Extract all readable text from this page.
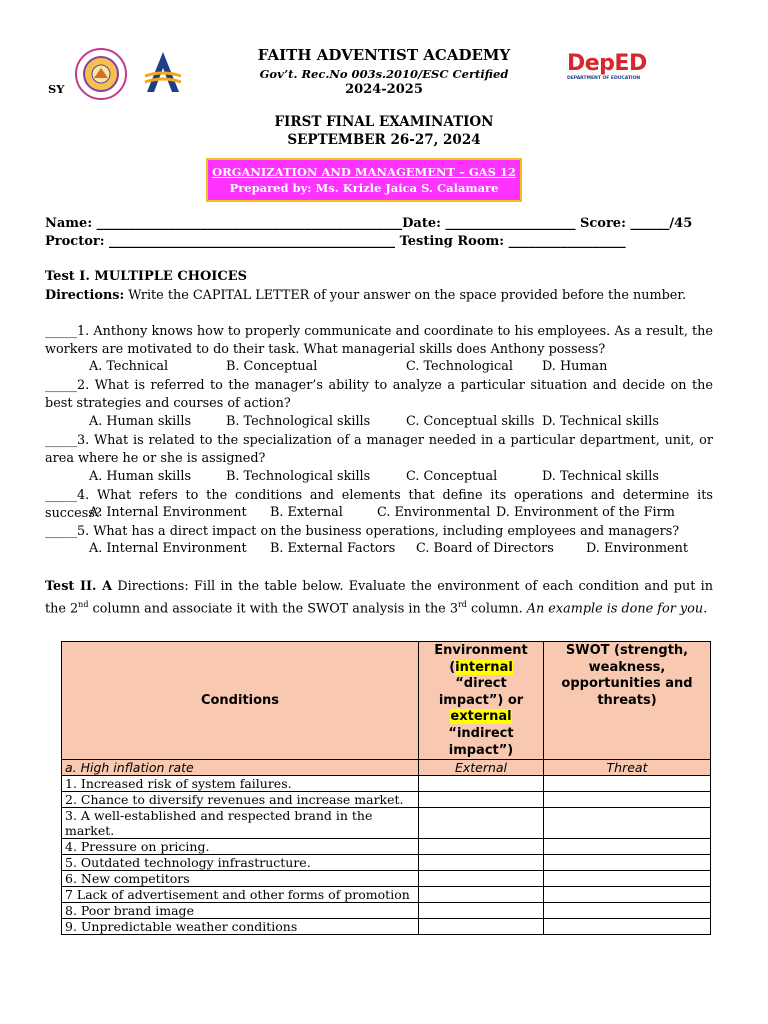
DepED
DEPARTMENT OF EDUCATION
SY
FAITH ADVENTIST ACADEMY
Gov’t. Rec.No 003s.2010/ESC Certified
2024-2025
FIRST FINAL EXAMINATION
SEPTEMBER 26-27, 2024
ORGANIZATION AND MANAGEMENT – GAS 12
Prepared by: Ms. Krizle Jaica S. Calamare
Name: _______________________________________________Date: ____________________ Score: ______/45
Proctor: ____________________________________________ Testing Room: __________________
Test I. MULTIPLE CHOICES
Directions: Write the CAPITAL LETTER of your answer on the space provided before the number.
_____1. Anthony knows how to properly communicate and coordinate to his employees. As a result, the workers are motivated to do their task. What managerial skills does Anthony possess?
A. Technical	B. Conceptual	C. Technological D. Human
_____2. What is referred to the manager’s ability to analyze a particular situation and decide on the best strategies and courses of action?
A. Human skills	B. Technological skills	C. Conceptual skills D. Technical skills
_____3. What is related to the specialization of a manager needed in a particular department, unit, or area where he or she is assigned?
A. Human skills	B. Technological skills	C. Conceptual	D. Technical skills
_____4. What refers to the conditions and elements that define its operations and determine its success?
A. Internal Environment B. External	C. Environmental D. Environment of the Firm
_____5. What has a direct impact on the business operations, including employees and managers?
A. Internal Environment B. External Factors C. Board of Directors	D. Environment
Test II. A Directions: Fill in the table below. Evaluate the environment of each condition and put in the 2nd column and associate it with the SWOT analysis in the 3rd column. An example is done for you.
Conditions	Environment (internal “direct impact”) or external “indirect impact”)	SWOT (strength, weakness, opportunities and threats)
a. High inflation rate	External	Threat
1. Increased risk of system failures.		
2. Chance to diversify revenues and increase market.		
3. A well-established and respected brand in the market.		
4. Pressure on pricing.		
5. Outdated technology infrastructure.		
6. New competitors		
7 Lack of advertisement and other forms of promotion		
8. Poor brand image		
9. Unpredictable weather conditions		
